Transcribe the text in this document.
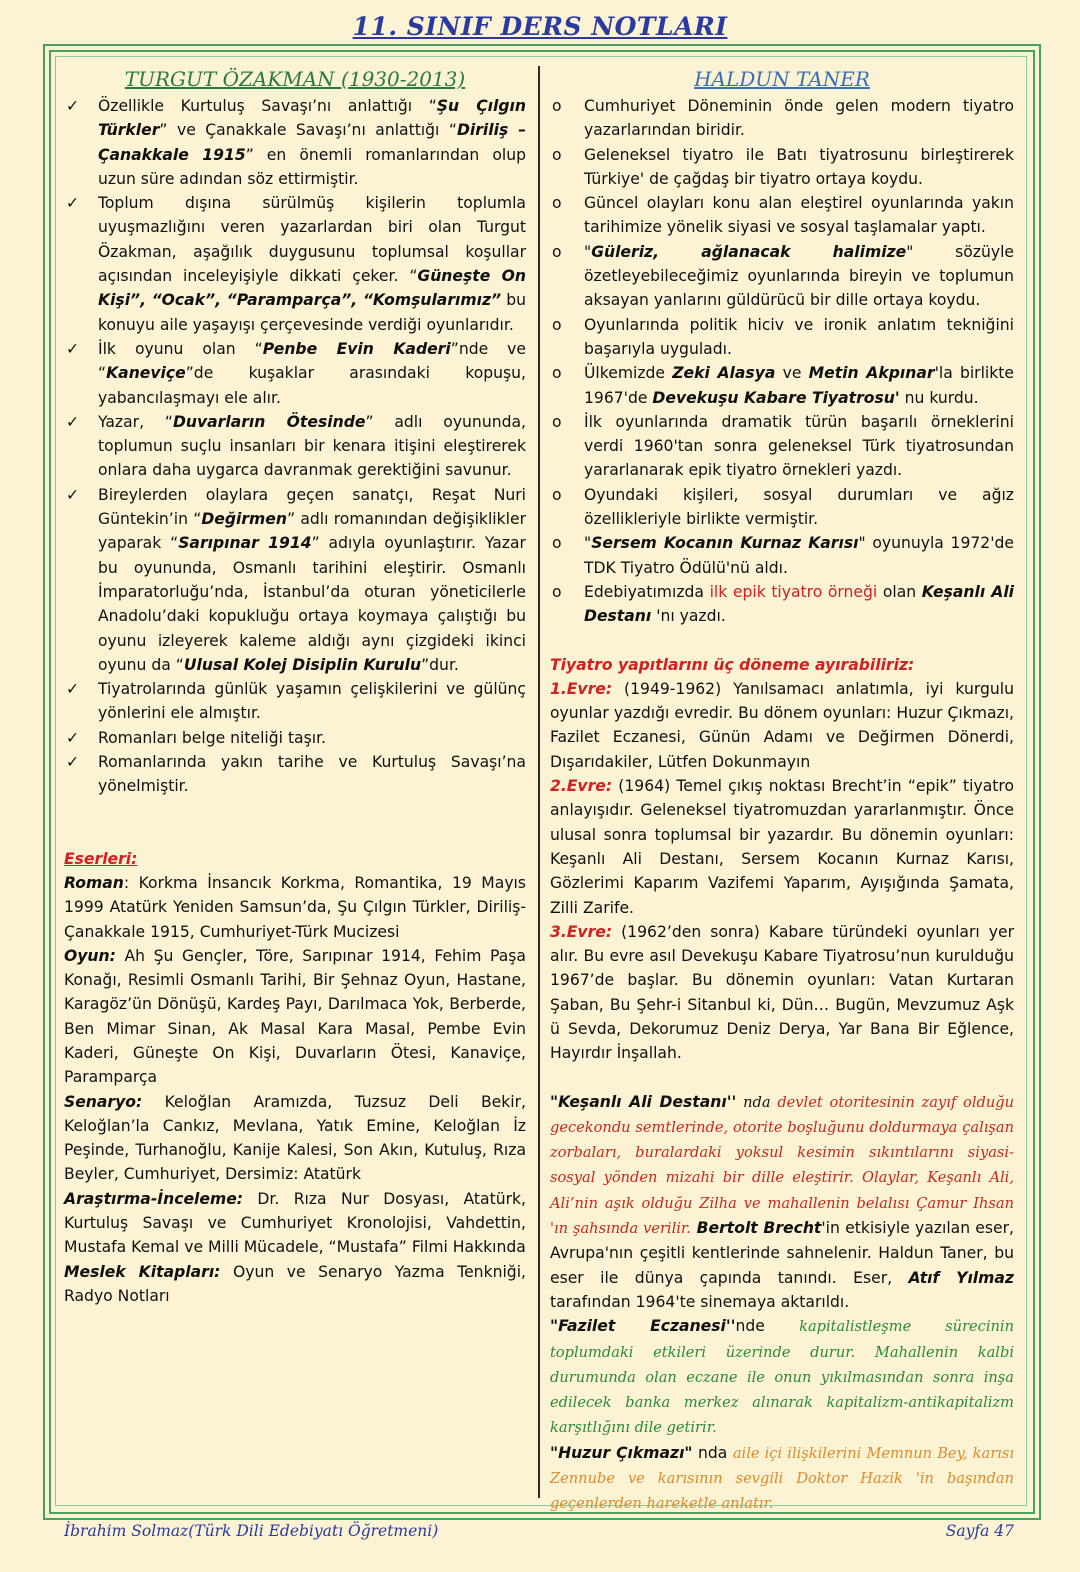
11. SINIF DERS NOTLARI
TURGUT ÖZAKMAN (1930-2013)
✓ Özellikle Kurtuluş Savaşı’nı anlattığı “Şu Çılgın Türkler” ve Çanakkale Savaşı’nı anlattığı “Diriliş – Çanakkale 1915” en önemli romanlarından olup uzun süre adından söz ettirmiştir.
✓ Toplum dışına sürülmüş kişilerin toplumla uyuşmazlığını veren yazarlardan biri olan Turgut Özakman, aşağılık duygusunu toplumsal koşullar açısından inceleyişiyle dikkati çeker. “Güneşte On Kişi”, “Ocak”, “Paramparça”, “Komşularımız” bu konuyu aile yaşayışı çerçevesinde verdiği oyunlarıdır.
✓ İlk oyunu olan “Penbe Evin Kaderi”nde ve “Kaneviçe”de kuşaklar arasındaki kopuşu, yabancılaşmayı ele alır.
✓ Yazar, “Duvarların Ötesinde” adlı oyununda, toplumun suçlu insanları bir kenara itişini eleştirerek onlara daha uygarca davranmak gerektiğini savunur.
✓ Bireylerden olaylara geçen sanatçı, Reşat Nuri Güntekin’in “Değirmen” adlı romanından değişiklikler yaparak “Sarıpınar 1914” adıyla oyunlaştırır. Yazar bu oyununda, Osmanlı tarihini eleştirir. Osmanlı İmparatorluğu’nda, İstanbul’da oturan yöneticilerle Anadolu’daki kopukluğu ortaya koymaya çalıştığı bu oyunu izleyerek kaleme aldığı aynı çizgideki ikinci oyunu da “Ulusal Kolej Disiplin Kurulu”dur.
✓ Tiyatrolarında günlük yaşamın çelişkilerini ve gülünç yönlerini ele almıştır.
✓ Romanları belge niteliği taşır.
✓ Romanlarında yakın tarihe ve Kurtuluş Savaşı’na yönelmiştir.
Eserleri:
Roman: Korkma İnsancık Korkma, Romantika, 19 Mayıs 1999 Atatürk Yeniden Samsun’da, Şu Çılgın Türkler, Diriliş-Çanakkale 1915, Cumhuriyet-Türk Mucizesi
Oyun: Ah Şu Gençler, Töre, Sarıpınar 1914, Fehim Paşa Konağı, Resimli Osmanlı Tarihi, Bir Şehnaz Oyun, Hastane, Karagöz’ün Dönüşü, Kardeş Payı, Darılmaca Yok, Berberde, Ben Mimar Sinan, Ak Masal Kara Masal, Pembe Evin Kaderi, Güneşte On Kişi, Duvarların Ötesi, Kanaviçe, Paramparça
Senaryo: Keloğlan Aramızda, Tuzsuz Deli Bekir, Keloğlan’la Cankız, Mevlana, Yatık Emine, Keloğlan İz Peşinde, Turhanoğlu, Kanije Kalesi, Son Akın, Kutuluş, Rıza Beyler, Cumhuriyet, Dersimiz: Atatürk
Araştırma-İnceleme: Dr. Rıza Nur Dosyası, Atatürk, Kurtuluş Savaşı ve Cumhuriyet Kronolojisi, Vahdettin, Mustafa Kemal ve Milli Mücadele, “Mustafa” Filmi Hakkında
Meslek Kitapları: Oyun ve Senaryo Yazma Tenkniği, Radyo Notları
HALDUN TANER
o Cumhuriyet Döneminin önde gelen modern tiyatro yazarlarından biridir.
o Geleneksel tiyatro ile Batı tiyatrosunu birleştirerek Türkiye' de çağdaş bir tiyatro ortaya koydu.
o Güncel olayları konu alan eleştirel oyunlarında yakın tarihimize yönelik siyasi ve sosyal taşlamalar yaptı.
o "Güleriz, ağlanacak halimize" sözüyle özetleyebileceğimiz oyunlarında bireyin ve toplumun aksayan yanlarını güldürücü bir dille ortaya koydu.
o Oyunlarında politik hiciv ve ironik anlatım tekniğini başarıyla uyguladı.
o Ülkemizde Zeki Alasya ve Metin Akpınar'la birlikte 1967'de Devekuşu Kabare Tiyatrosu' nu kurdu.
o İlk oyunlarında dramatik türün başarılı örneklerini verdi 1960'tan sonra geleneksel Türk tiyatrosundan yararlanarak epik tiyatro örnekleri yazdı.
o Oyundaki kişileri, sosyal durumları ve ağız özellikleriyle birlikte vermiştir.
o "Sersem Kocanın Kurnaz Karısı" oyunuyla 1972'de TDK Tiyatro Ödülü'nü aldı.
o Edebiyatımızda ilk epik tiyatro örneği olan Keşanlı Ali Destanı 'nı yazdı.
Tiyatro yapıtlarını üç döneme ayırabiliriz:
1.Evre: (1949-1962) Yanılsamacı anlatımla, iyi kurgulu oyunlar yazdığı evredir. Bu dönem oyunları: Huzur Çıkmazı, Fazilet Eczanesi, Günün Adamı ve Değirmen Dönerdi, Dışarıdakiler, Lütfen Dokunmayın
2.Evre: (1964) Temel çıkış noktası Brecht’in “epik” tiyatro anlayışıdır. Geleneksel tiyatromuzdan yararlanmıştır. Önce ulusal sonra toplumsal bir yazardır. Bu dönemin oyunları: Keşanlı Ali Destanı, Sersem Kocanın Kurnaz Karısı, Gözlerimi Kaparım Vazifemi Yaparım, Ayışığında Şamata, Zilli Zarife.
3.Evre: (1962’den sonra) Kabare türündeki oyunları yer alır. Bu evre asıl Devekuşu Kabare Tiyatrosu’nun kurulduğu 1967’de başlar. Bu dönemin oyunları: Vatan Kurtaran Şaban, Bu Şehr-i Sitanbul ki, Dün… Bugün, Mevzumuz Aşk ü Sevda, Dekorumuz Deniz Derya, Yar Bana Bir Eğlence, Hayırdır İnşallah.
"Keşanlı Ali Destanı'' nda devlet otoritesinin zayıf olduğu gecekondu semtlerinde, otorite boşluğunu doldurmaya çalışan zorbaları, buralardaki yoksul kesimin sıkıntılarını siyasi- sosyal yönden mizahi bir dille eleştirir. Olaylar, Keşanlı Ali, Ali’nin aşık olduğu Zilha ve mahallenin belalısı Çamur Ihsan 'ın şahsında verilir. Bertolt Brecht'in etkisiyle yazılan eser, Avrupa'nın çeşitli kentlerinde sahnelenir. Haldun Taner, bu eser ile dünya çapında tanındı. Eser, Atıf Yılmaz tarafından 1964'te sinemaya aktarıldı.
"Fazilet Eczanesi''nde kapitalistleşme sürecinin toplumdaki etkileri üzerinde durur. Mahallenin kalbi durumunda olan eczane ile onun yıkılmasından sonra inşa edilecek banka merkez alınarak kapitalizm-antikapitalizm karşıtlığını dile getirir.
"Huzur Çıkmazı" nda aile içi ilişkilerini Memnun Bey, karısı Zennube ve karısının sevgili Doktor Hazik 'in başından geçenlerden hareketle anlatır.
İbrahim Solmaz(Türk Dili Edebiyatı Öğretmeni)	Sayfa 47
